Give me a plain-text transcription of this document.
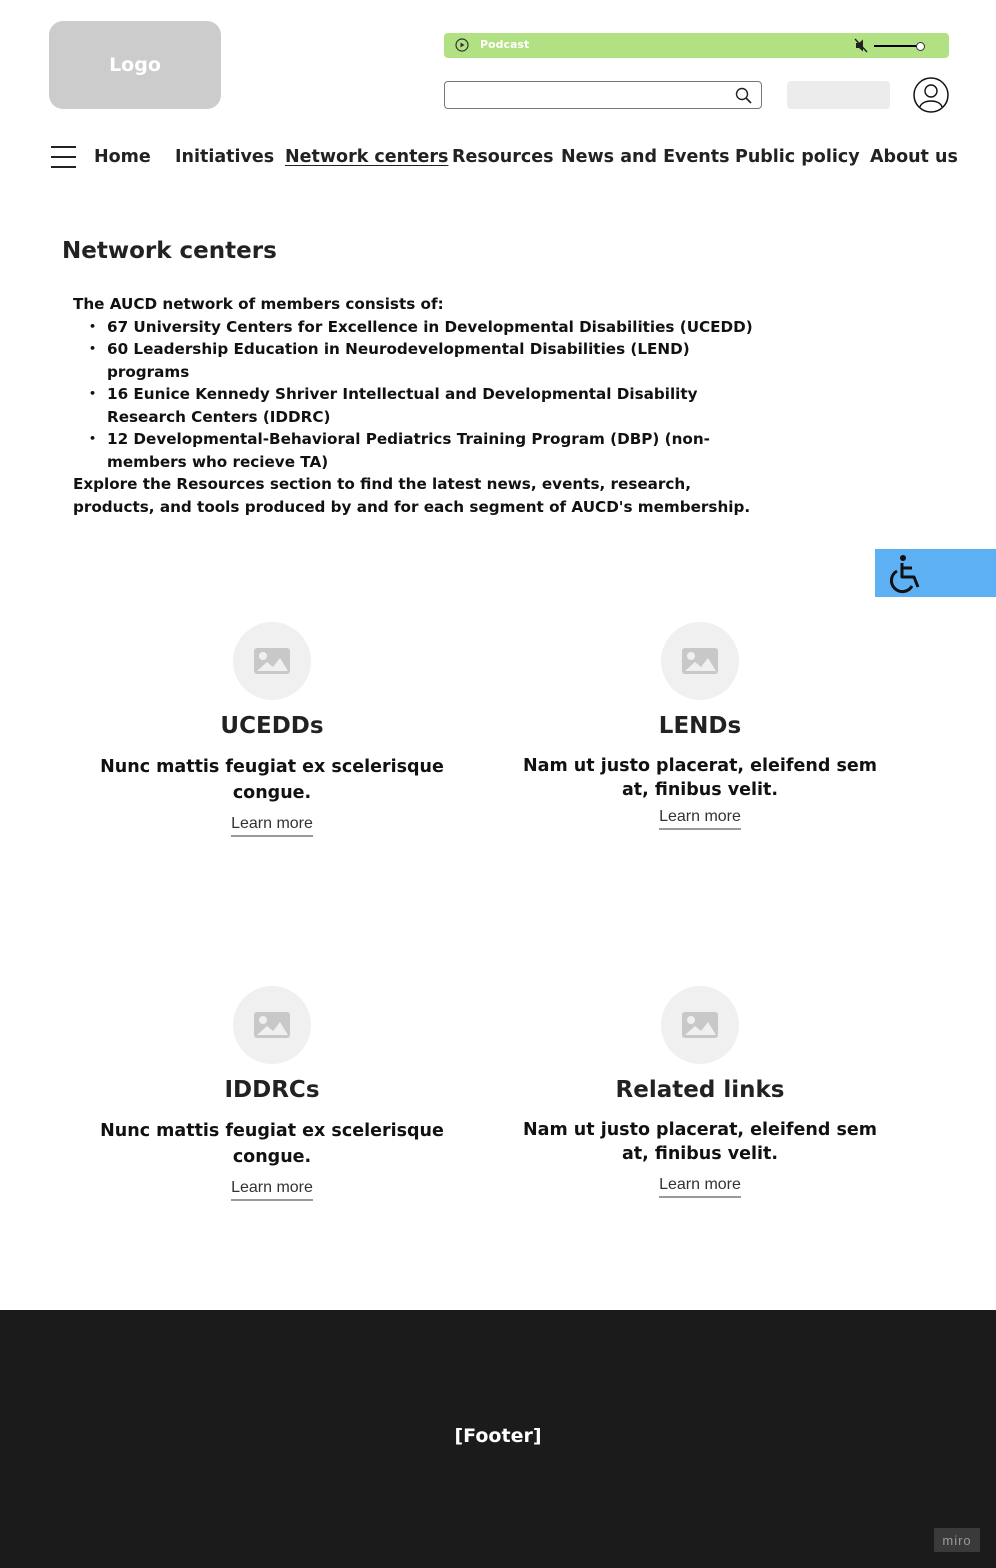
Logo
Podcast
Home Initiatives Network centers Resources News and Events Public policy About us
Network centers
The AUCD network of members consists of:
• 67 University Centers for Excellence in Developmental Disabilities (UCEDD)
• 60 Leadership Education in Neurodevelopmental Disabilities (LEND) programs
• 16 Eunice Kennedy Shriver Intellectual and Developmental Disability Research Centers (IDDRC)
• 12 Developmental-Behavioral Pediatrics Training Program (DBP) (non-members who recieve TA)
Explore the Resources section to find the latest news, events, research, products, and tools produced by and for each segment of AUCD's membership.
UCEDDs

Nunc mattis feugiat ex scelerisque congue.

Learn more
LENDs

Nam ut justo placerat, eleifend sem at, finibus velit.

Learn more
IDDRCs

Nunc mattis feugiat ex scelerisque congue.

Learn more
Related links

Nam ut justo placerat, eleifend sem at, finibus velit.

Learn more
[Footer]
miro
